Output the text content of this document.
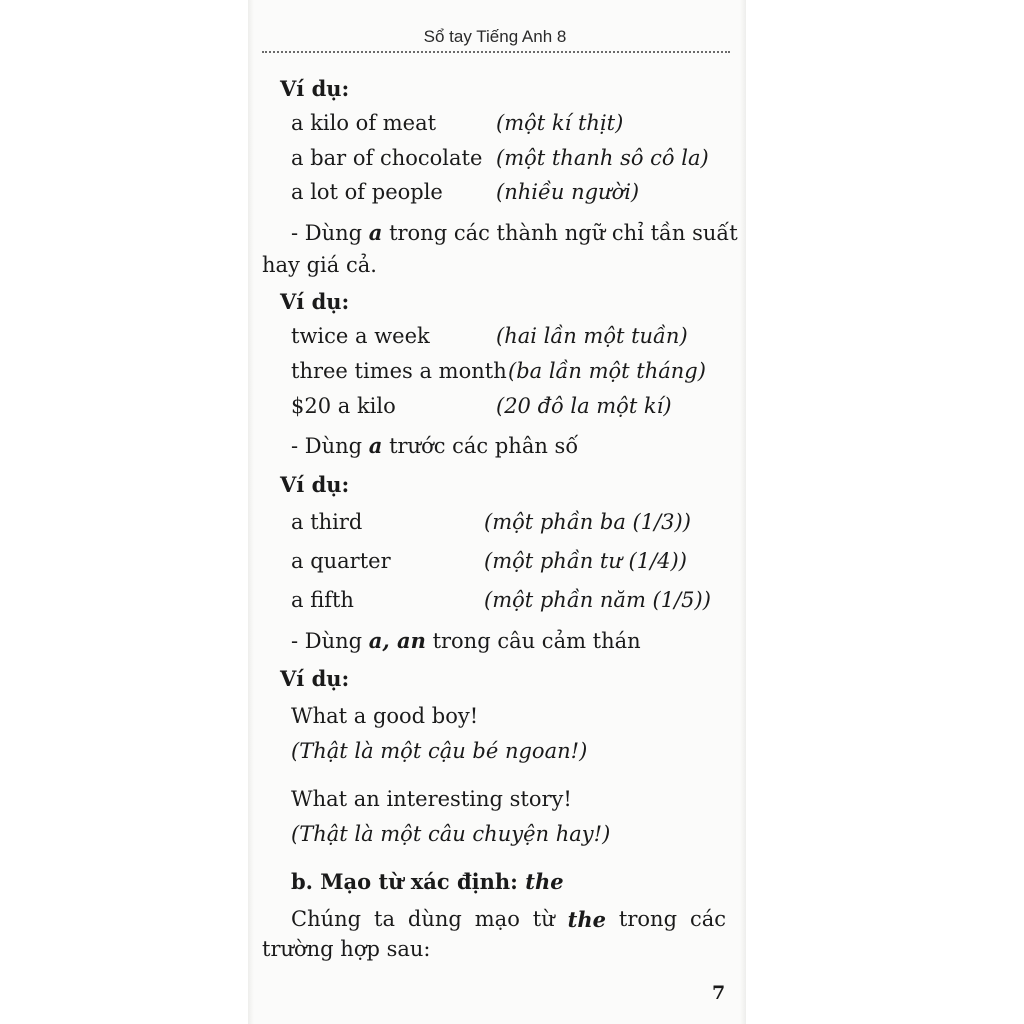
Sổ tay Tiếng Anh 8
Ví dụ:
a kilo of meat	(một kí thịt)
a bar of chocolate (một thanh sô cô la)
a lot of people	(nhiều người)
- Dùng a trong các thành ngữ chỉ tần suất
hay giá cả.
Ví dụ:
twice a week	(hai lần một tuần)
three times a month (ba lần một tháng)
$20 a kilo	(20 đô la một kí)
- Dùng a trước các phân số
Ví dụ:
a third	(một phần ba (1/3))
a quarter	(một phần tư (1/4))
a fifth	(một phần năm (1/5))
- Dùng a, an trong câu cảm thán
Ví dụ:
What a good boy!
(Thật là một cậu bé ngoan!)
What an interesting story!
(Thật là một câu chuyện hay!)
b. Mạo từ xác định: the
Chúng ta dùng mạo từ the trong các
trường hợp sau:
7
